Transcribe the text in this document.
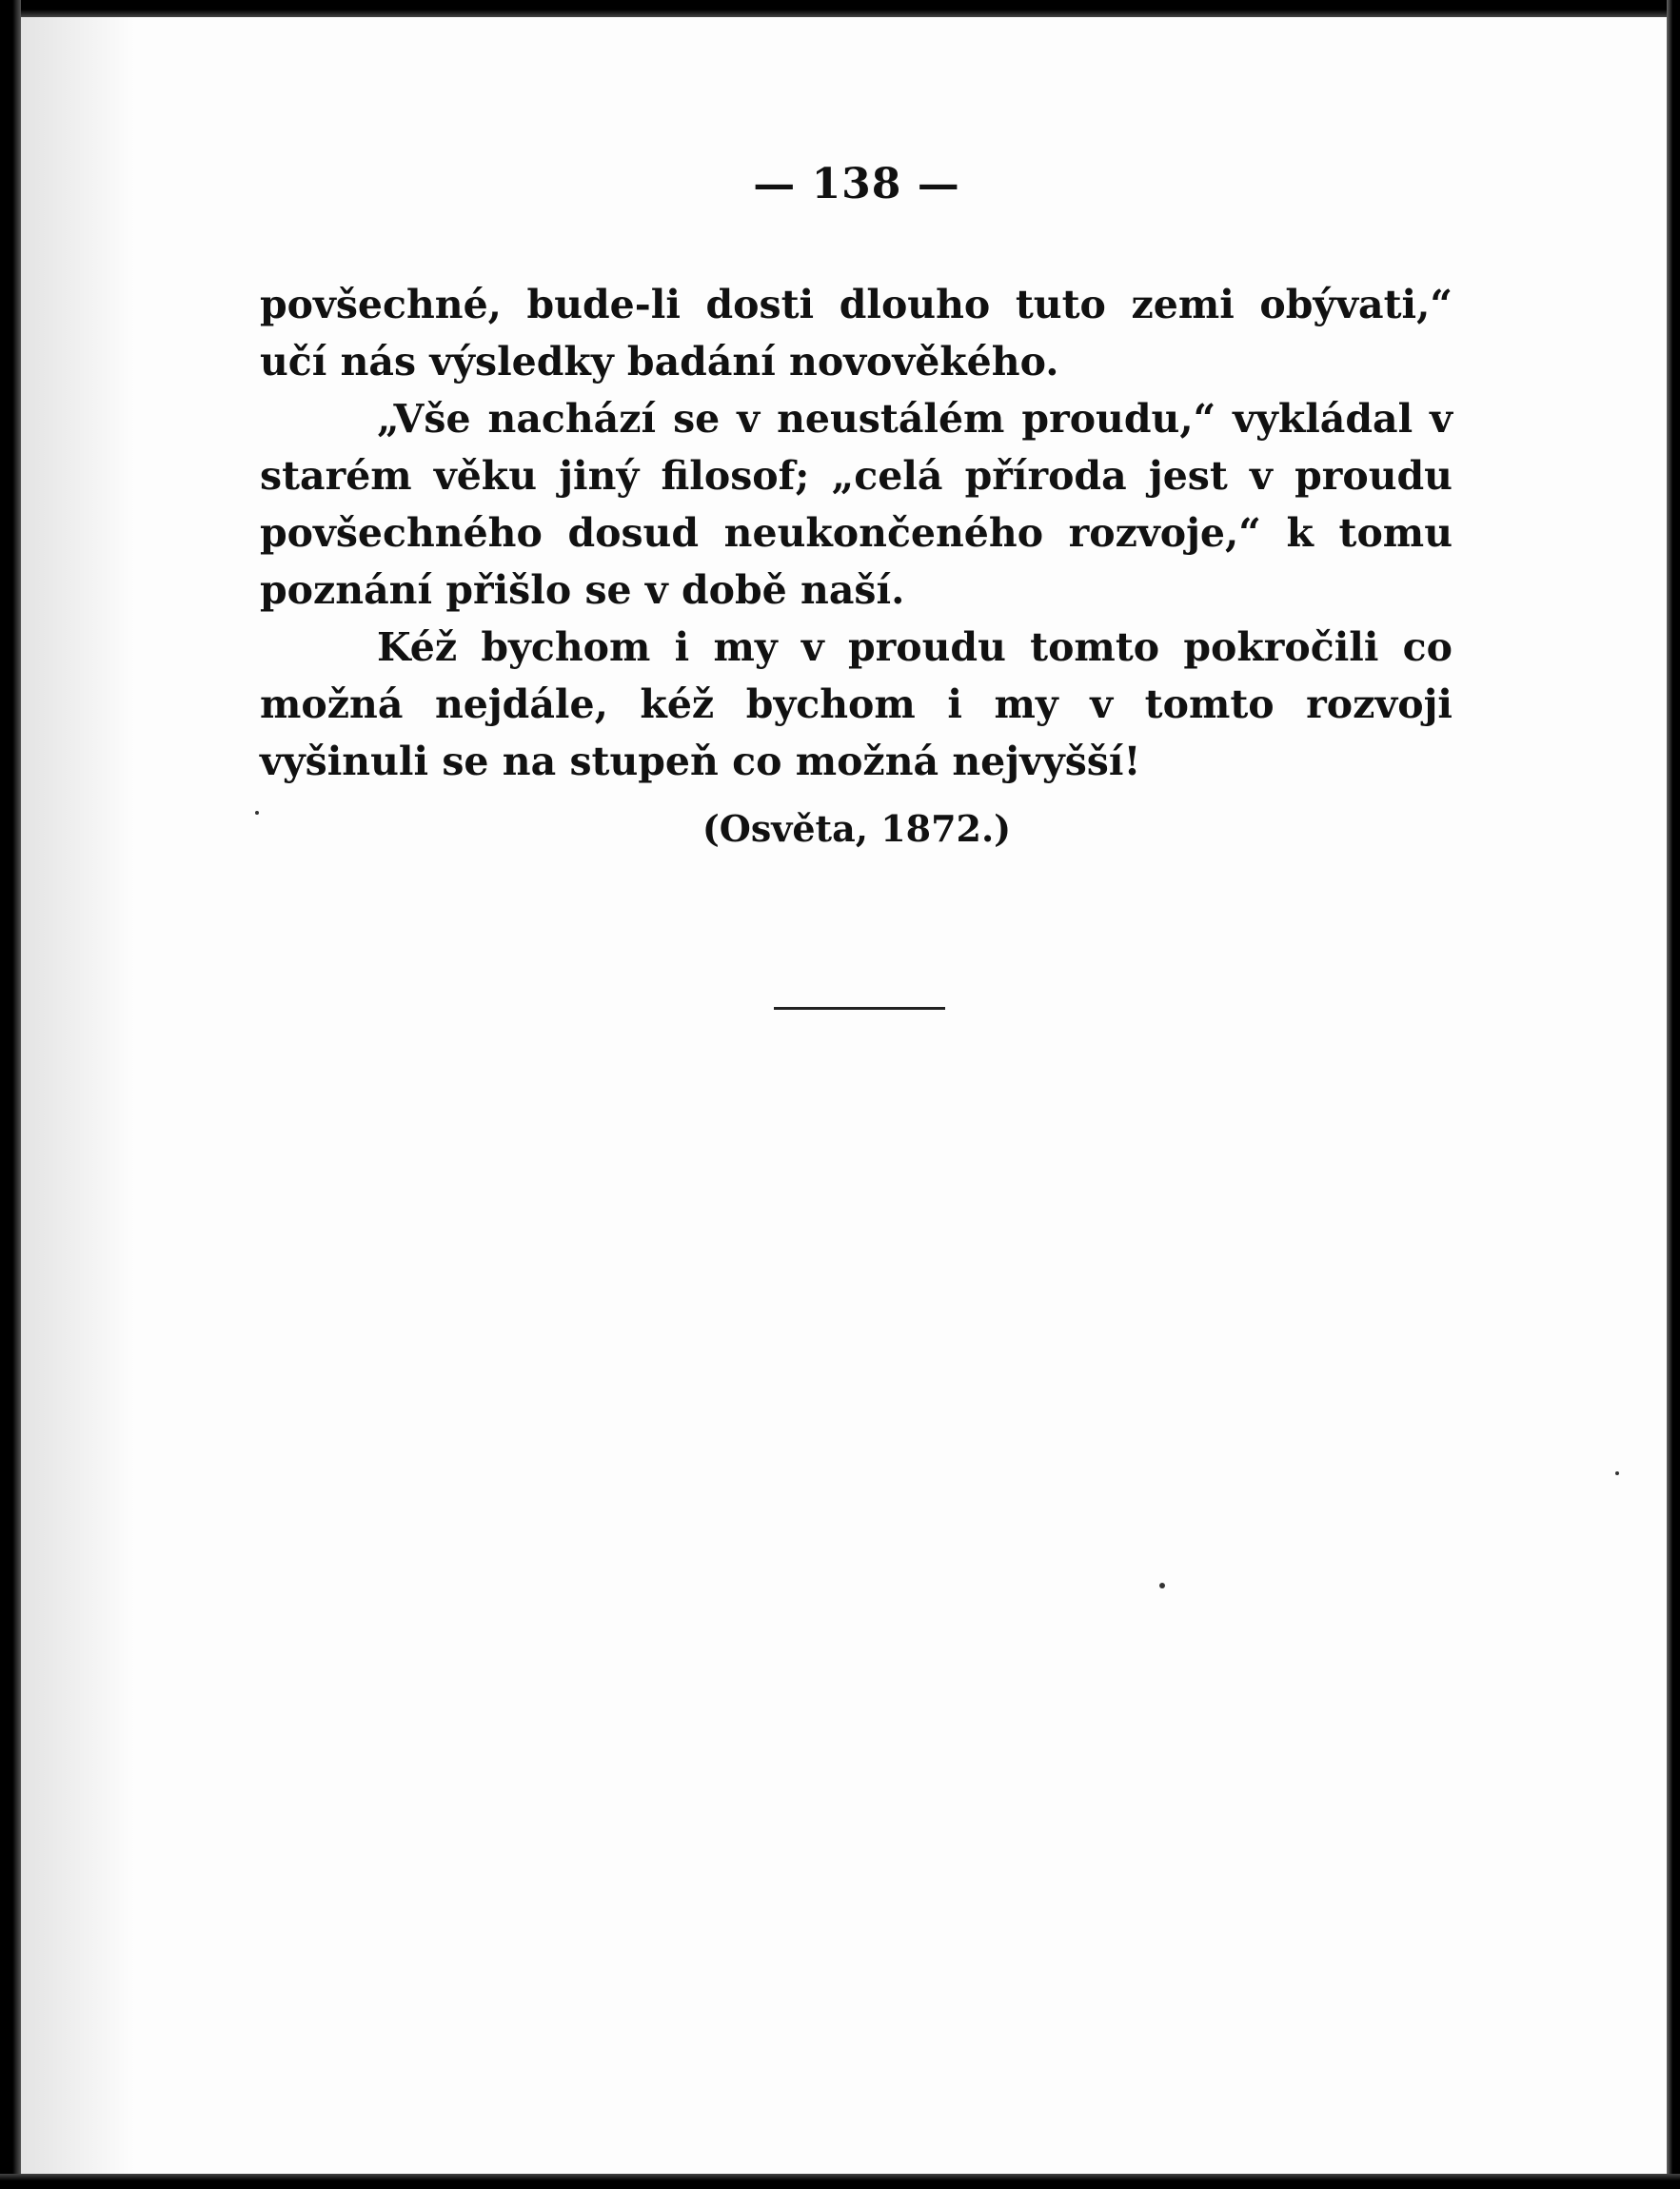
— 138 —

povšechné, bude-li dosti dlouho tuto zemi obývati,“ učí nás výsledky badání novověkého.

„Vše nachází se v neustálém proudu,“ vykládal v starém věku jiný filosof; „celá příroda jest v proudu povšechného dosud neukončeného rozvoje,“ k tomu poznání přišlo se v době naší.

Kéž bychom i my v proudu tomto pokročili co možná nejdále, kéž bychom i my v tomto rozvoji vyšinuli se na stupeň co možná nejvyšší!

(Osvěta, 1872.)
